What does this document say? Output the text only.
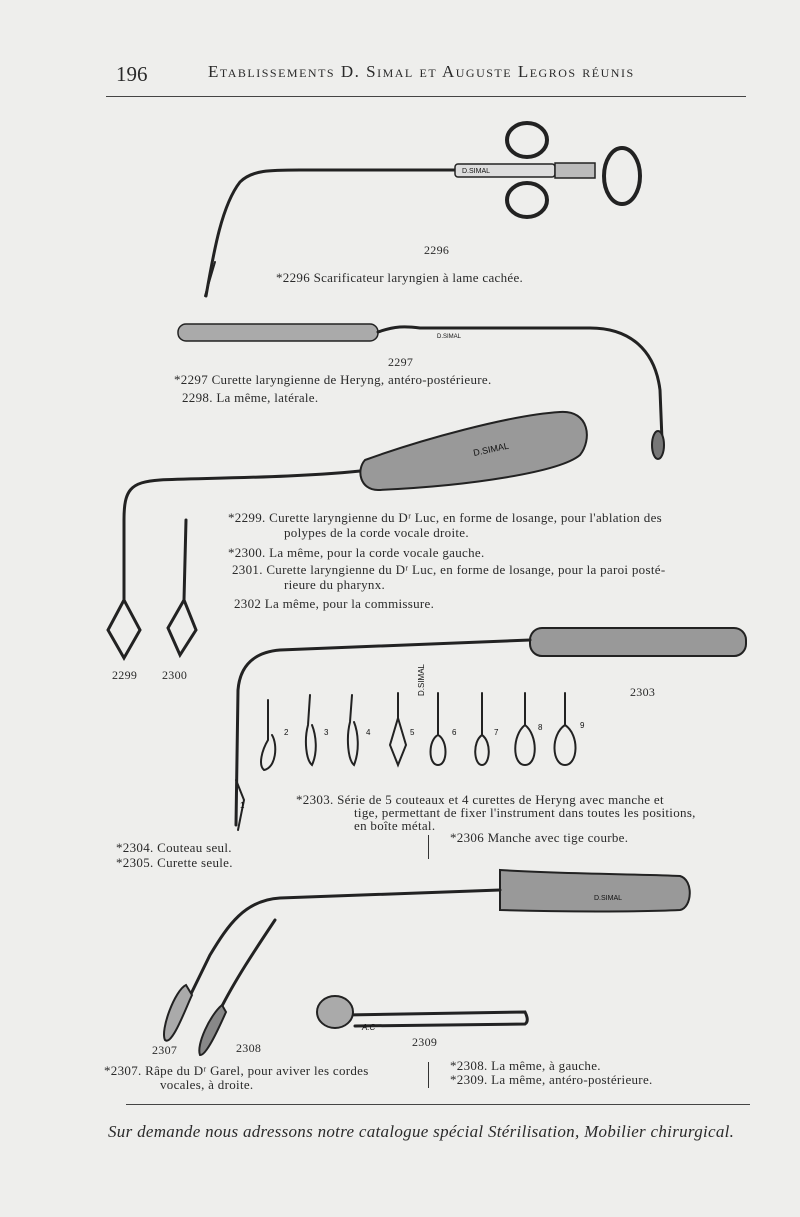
196	Etablissements D. Simal et Auguste Legros réunis
D.SIMAL
D.SIMAL
D.SIMAL
D.SIMAL
D.SIMAL
A.C
1
2	3	4	5	6	7
8	9
2296
*2296 Scarificateur laryngien à lame cachée.
2297
*2297 Curette laryngienne de Heryng, antéro-postérieure.
2298. La même, latérale.
*2299. Curette laryngienne du Dʳ Luc, en forme de losange, pour l'ablation des
polypes de la corde vocale droite.
*2300. La même, pour la corde vocale gauche.
2301. Curette laryngienne du Dʳ Luc, en forme de losange, pour la paroi posté-
rieure du pharynx.
2302 La même, pour la commissure.
2299 2300
2303
*2303. Série de 5 couteaux et 4 curettes de Heryng avec manche et
tige, permettant de fixer l'instrument dans toutes les positions,
en boîte métal.
*2304. Couteau seul.
*2305. Curette seule.
*2306 Manche avec tige courbe.
2307	2308	2309
*2307. Râpe du Dʳ Garel, pour aviver les cordes
vocales, à droite.
*2308. La même, à gauche.
*2309. La même, antéro-postérieure.
Sur demande nous adressons notre catalogue spécial Stérilisation, Mobilier chirurgical.
